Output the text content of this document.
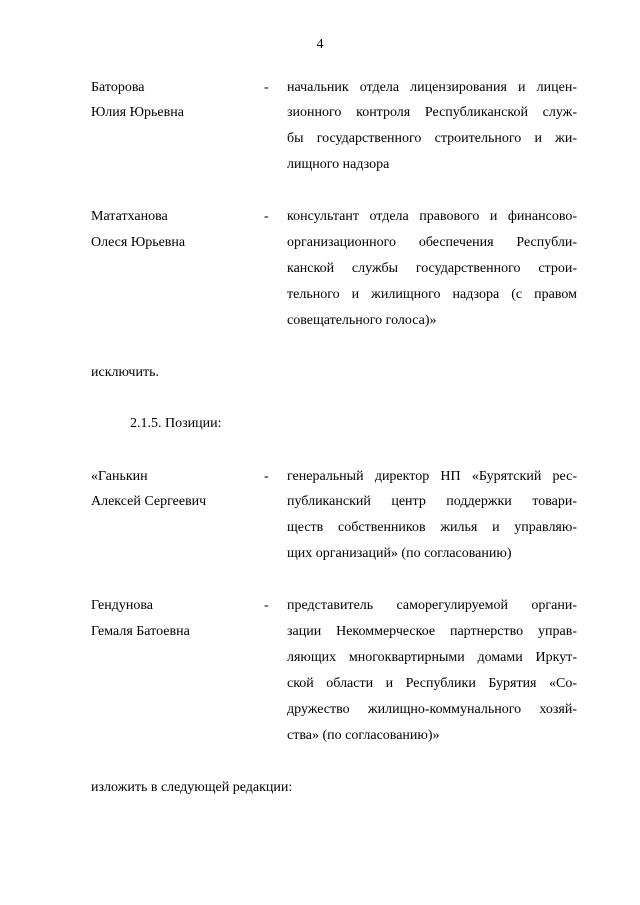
4
Баторова
Юлия Юрьевна
- начальник отдела лицензирования и лицен-
зионного контроля Республиканской служ-
бы государственного строительного и жи-
лищного надзора
Мататханова
Олеся Юрьевна
- консультант отдела правового и финансово-
организационного обеспечения Республи-
канской службы государственного строи-
тельного и жилищного надзора (с правом
совещательного голоса)»
исключить.
2.1.5. Позиции:
«Ганькин
Алексей Сергеевич
- генеральный директор НП «Бурятский рес-
публиканский центр поддержки товари-
ществ собственников жилья и управляю-
щих организаций» (по согласованию)
Гендунова
Гемаля Батоевна
- представитель саморегулируемой органи-
зации Некоммерческое партнерство управ-
ляющих многоквартирными домами Иркут-
ской области и Республики Бурятия «Со-
дружество жилищно-коммунального хозяй-
ства» (по согласованию)»
изложить в следующей редакции:
